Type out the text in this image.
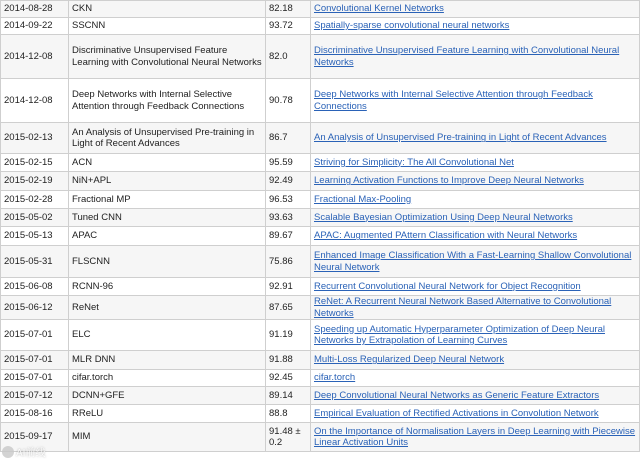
2014-08-28	CKN	82.18	Convolutional Kernel Networks
2014-09-22	SSCNN	93.72	Spatially-sparse convolutional neural networks
2014-12-08	Discriminative Unsupervised Feature Learning with Convolutional Neural Networks	82.0	Discriminative Unsupervised Feature Learning with Convolutional Neural Networks
2014-12-08	Deep Networks with Internal Selective Attention through Feedback Connections	90.78	Deep Networks with Internal Selective Attention through Feedback Connections
2015-02-13	An Analysis of Unsupervised Pre-training in Light of Recent Advances	86.7	An Analysis of Unsupervised Pre-training in Light of Recent Advances
2015-02-15	ACN	95.59	Striving for Simplicity: The All Convolutional Net
2015-02-19	NiN+APL	92.49	Learning Activation Functions to Improve Deep Neural Networks
2015-02-28	Fractional MP	96.53	Fractional Max-Pooling
2015-05-02	Tuned CNN	93.63	Scalable Bayesian Optimization Using Deep Neural Networks
2015-05-13	APAC	89.67	APAC: Augmented PAttern Classification with Neural Networks
2015-05-31	FLSCNN	75.86	Enhanced Image Classification With a Fast-Learning Shallow Convolutional Neural Network
2015-06-08	RCNN-96	92.91	Recurrent Convolutional Neural Network for Object Recognition
2015-06-12	ReNet	87.65	ReNet: A Recurrent Neural Network Based Alternative to Convolutional Networks
2015-07-01	ELC	91.19	Speeding up Automatic Hyperparameter Optimization of Deep Neural Networks by Extrapolation of Learning Curves
2015-07-01	MLR DNN	91.88	Multi-Loss Regularized Deep Neural Network
2015-07-01	cifar.torch	92.45	cifar.torch
2015-07-12	DCNN+GFE	89.14	Deep Convolutional Neural Networks as Generic Feature Extractors
2015-08-16	RReLU	88.8	Empirical Evaluation of Rectified Activations in Convolution Network
2015-09-17	MIM	91.48 ± 0.2	On the Importance of Normalisation Layers in Deep Learning with Piecewise Linear Activation Units
AI前线
